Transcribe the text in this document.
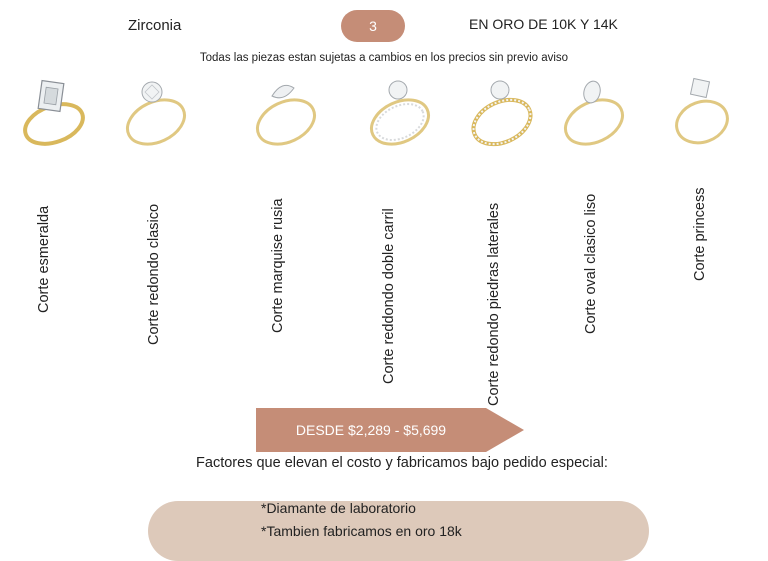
Zirconia	3	EN ORO DE 10K Y 14K
Todas las piezas estan sujetas a cambios en los precios sin previo aviso
Corte esmeralda	Corte redondo clasico	Corte marquise rusia	Corte reddondo doble carril	Corte redondo piedras laterales	Corte oval clasico liso	Corte princess
DESDE $2,289 - $5,699
Factores que elevan el costo y fabricamos bajo pedido especial:
*Diamante de laboratorio
*Tambien fabricamos en oro 18k
